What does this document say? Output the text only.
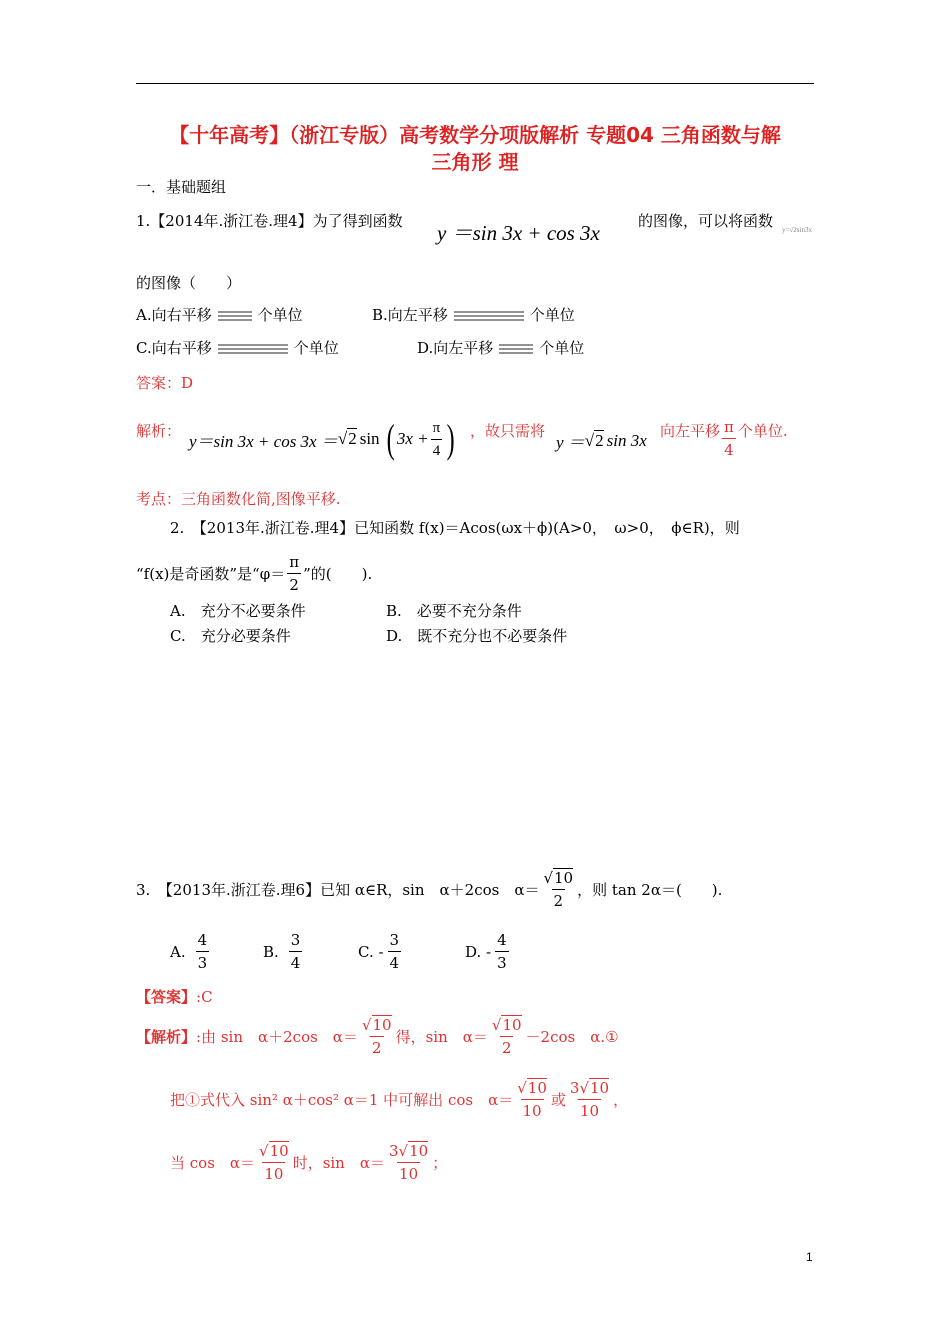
【十年高考】（浙江专版）高考数学分项版解析 专题04 三角函数与解
三角形 理
一．基础题组
1.【2014年.浙江卷.理4】为了得到函数 y ＝sin 3x + cos 3x	的图像，可以将函数 y=√2sin3x
的图像（　　）
A.向右平移	个单位	B.向左平移	个单位
C.向右平移	个单位	D.向左平移	个单位
答案：D
解析：
y＝sin 3x + cos 3x ＝ √2 sin ( $3x + \frac{\pi}{4}$ ) ，故只需将
y ＝ √2 sin 3x 向左平移 $\frac{\pi}{4}$ 个单位.
考点：三角函数化简,图像平移.
2.　【2013年.浙江卷.理4】已知函数 f(x)＝Acos(ωx＋ϕ)(A>0，　ω>0，　ϕ∈R)，则
“f(x)是奇函数”是“$\varphi= \frac{\pi}{2}$ ”的(　　).
A.　充分不必要条件	B.　必要不充分条件
C.　充分必要条件	D.　既不充分也不必要条件
3.　【2013年.浙江卷.理6】已知 α∈R，sin　α＋2cos　$\alpha= \frac{√10}{2}$ ，则 tan 2α＝(　　).
A. $\frac{4}{3}$	B. $\frac{3}{4}$	C. - $\frac{3}{4}$	D. - $\frac{4}{3}$
【答案】:C
【解析】 :由 sin　α＋2cos　$\alpha= \frac{√10}{2}$ 得，sin　$\alpha= \frac{√10}{2} -2\cos$　α.①
把①式代入 sin² α＋cos² α＝1 中可解出 cos　$\alpha= \frac{√10}{10}$ 或 $\frac{3√10}{10}$ ，
当 cos　$\alpha= \frac{√10}{10}$ 时，sin　$\alpha= \frac{3√10}{10}$ ；
1
